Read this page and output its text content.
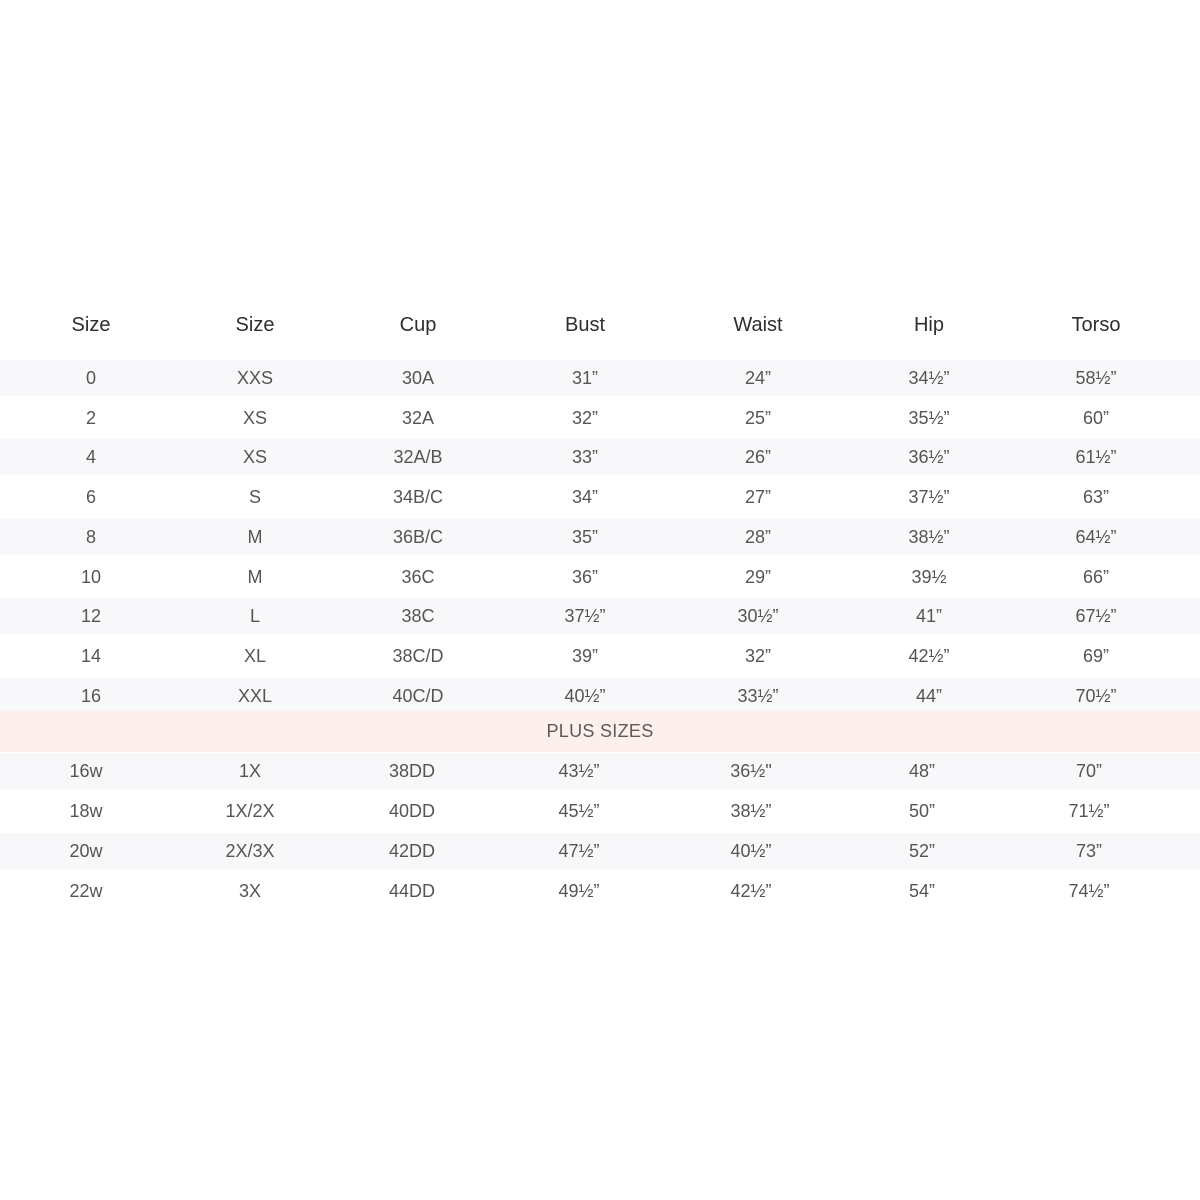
Size	Size	Cup	Bust	Waist	Hip	Torso
0	XXS	30A	31”	24”	34½”	58½”
2	XS	32A	32”	25”	35½”	60”
4	XS	32A/B	33”	26”	36½”	61½”
6	S	34B/C	34”	27”	37½”	63”
8	M	36B/C	35”	28”	38½”	64½”
10	M	36C	36”	29”	39½	66”
12	L	38C	37½”	30½”	41”	67½”
14	XL	38C/D	39”	32”	42½”	69”
16	XXL	40C/D	40½”	33½”	44”	70½”
PLUS SIZES
16w	1X	38DD	43½”	36½"	48”	70”
18w	1X/2X	40DD	45½”	38½”	50”	71½”
20w	2X/3X	42DD	47½”	40½”	52”	73”
22w	3X	44DD	49½”	42½”	54”	74½”
